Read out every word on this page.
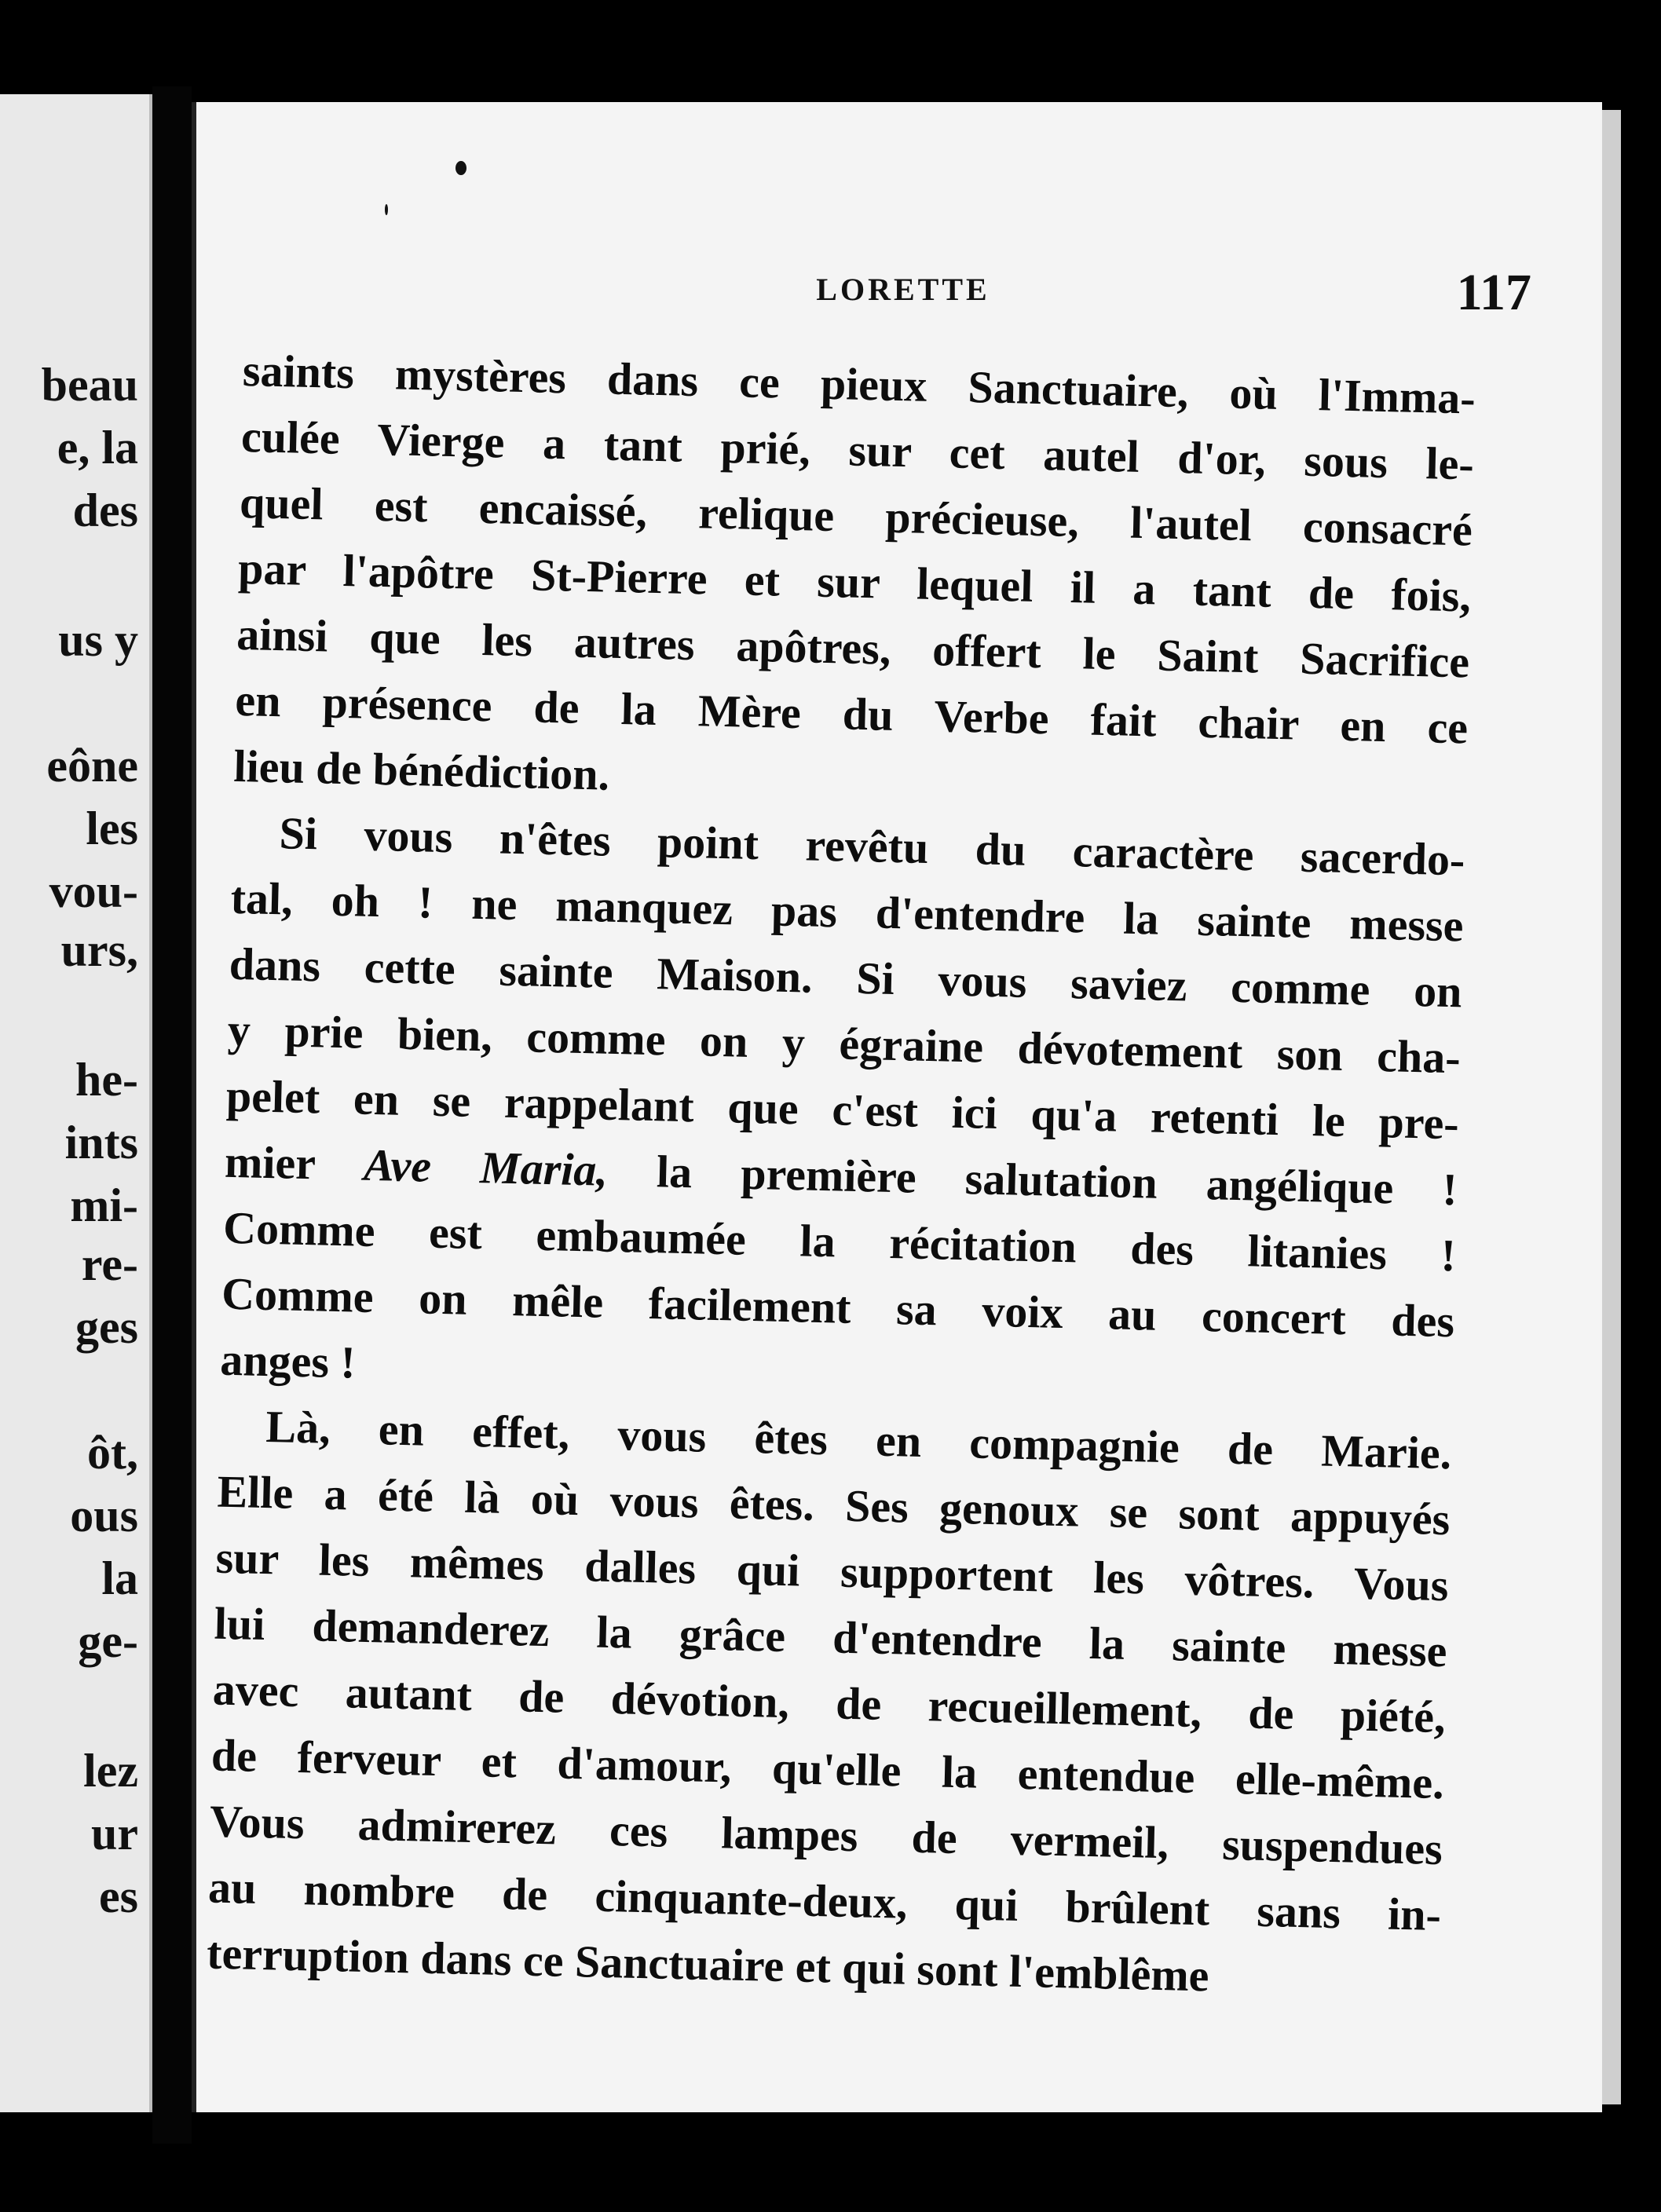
beau
e, la
des
us y
eône
les
vou-
urs,
he-
ints
mi-
re-
ges
ôt,
ous
la
ge-
lez
ur
es
LORETTE	117

saints mystères dans ce pieux Sanctuaire, où l'Imma-
culée Vierge a tant prié, sur cet autel d'or, sous le-
quel est encaissé, relique précieuse, l'autel consacré
par l'apôtre St-Pierre et sur lequel il a tant de fois,
ainsi que les autres apôtres, offert le Saint Sacrifice
en présence de la Mère du Verbe fait chair en ce
lieu de bénédiction.

Si vous n'êtes point revêtu du caractère sacerdo-
tal, oh ! ne manquez pas d'entendre la sainte messe
dans cette sainte Maison. Si vous saviez comme on
y prie bien, comme on y égraine dévotement son cha-
pelet en se rappelant que c'est ici qu'a retenti le pre-
mier Ave Maria, la première salutation angélique !
Comme est embaumée la récitation des litanies !
Comme on mêle facilement sa voix au concert des
anges !

Là, en effet, vous êtes en compagnie de Marie.
Elle a été là où vous êtes. Ses genoux se sont appuyés
sur les mêmes dalles qui supportent les vôtres. Vous
lui demanderez la grâce d'entendre la sainte messe
avec autant de dévotion, de recueillement, de piété,
de ferveur et d'amour, qu'elle la entendue elle-même.
Vous admirerez ces lampes de vermeil, suspendues
au nombre de cinquante-deux, qui brûlent sans in-
terruption dans ce Sanctuaire et qui sont l'emblême
